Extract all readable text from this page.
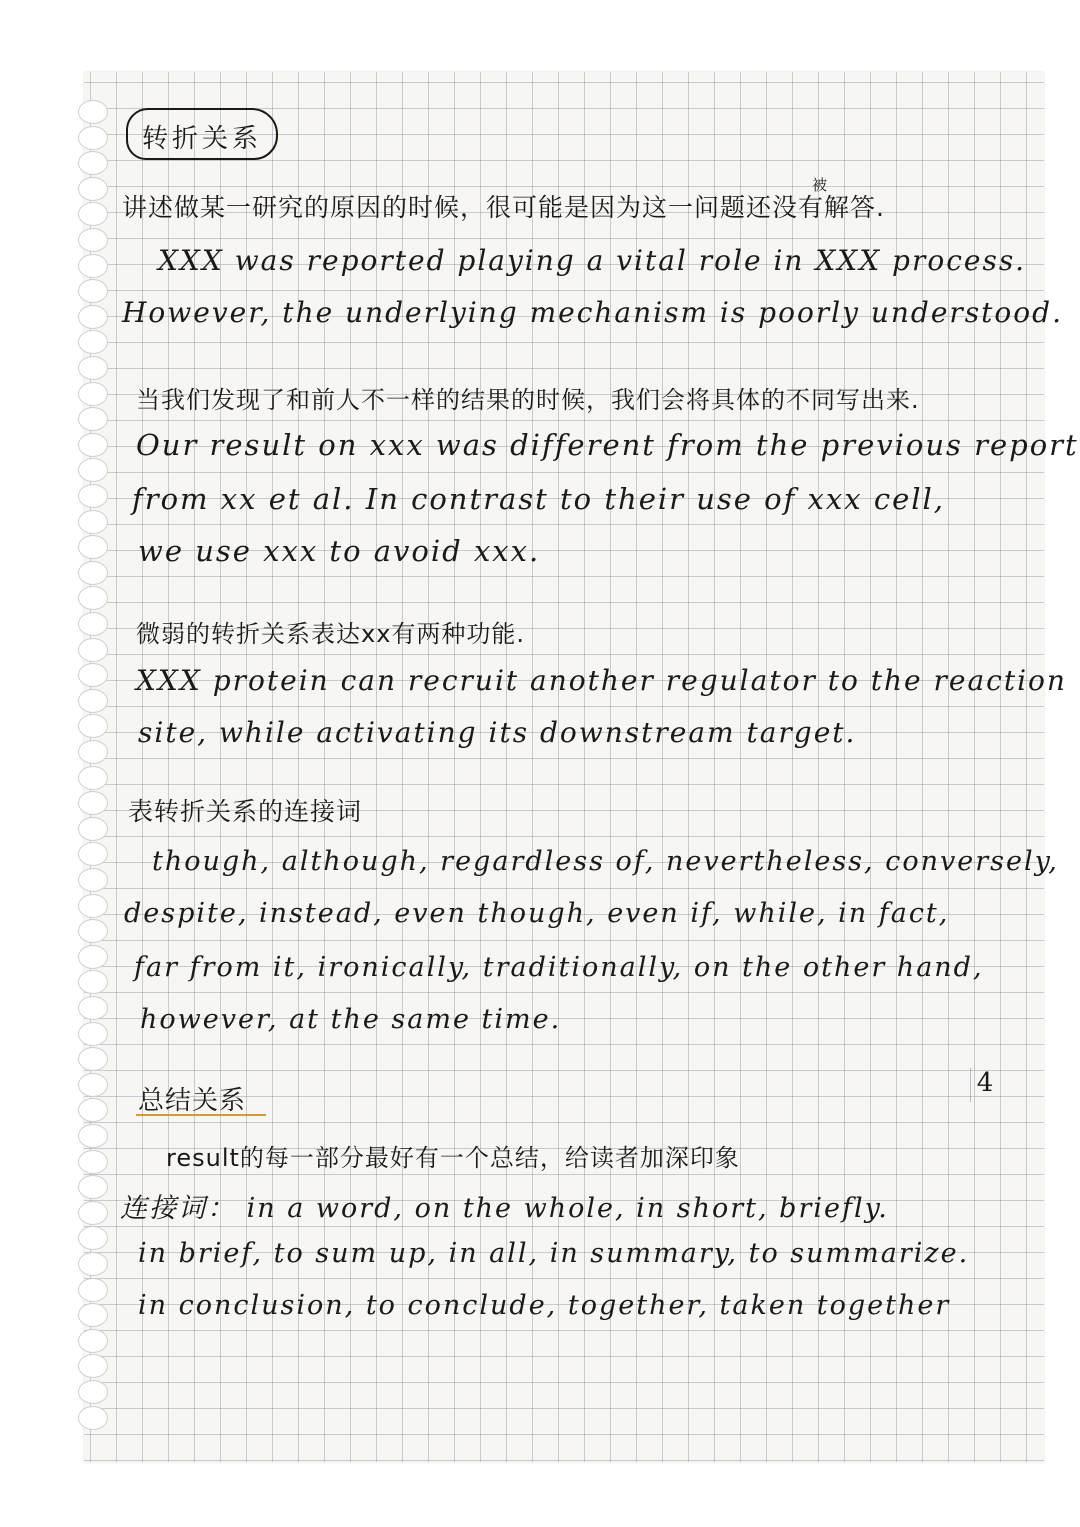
转折关系
被
讲述做某一研究的原因的时候，很可能是因为这一问题还没有解答.
XXX was reported playing a vital role in XXX process.
However, the underlying mechanism is poorly understood.
当我们发现了和前人不一样的结果的时候，我们会将具体的不同写出来.
Our result on xxx was different from the previous report
from xx et al. In contrast to their use of xxx cell,
we use xxx to avoid xxx.
微弱的转折关系表达xx有两种功能.
XXX protein can recruit another regulator to the reaction
site, while activating its downstream target.
表转折关系的连接词
though, although, regardless of, nevertheless, conversely,
despite, instead, even though, even if, while, in fact,
far from it, ironically, traditionally, on the other hand,
however, at the same time.
总结关系
result的每一部分最好有一个总结，给读者加深印象
连接词： in a word, on the whole, in short, briefly.
in brief, to sum up, in all, in summary, to summarize.
in conclusion, to conclude, together, taken together
4
